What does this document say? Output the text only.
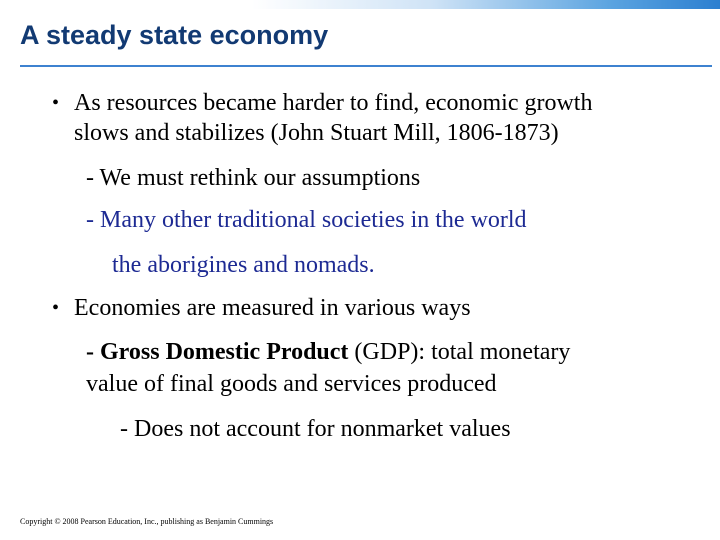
A steady state economy
• As resources became harder to find, economic growth
slows and stabilizes (John Stuart Mill, 1806-1873)
- We must rethink our assumptions
- Many other traditional societies in the world
the aborigines and nomads.
• Economies are measured in various ways
- Gross Domestic Product (GDP): total monetary
value of final goods and services produced
- Does not account for nonmarket values
Copyright © 2008 Pearson Education, Inc., publishing as Benjamin Cummings
